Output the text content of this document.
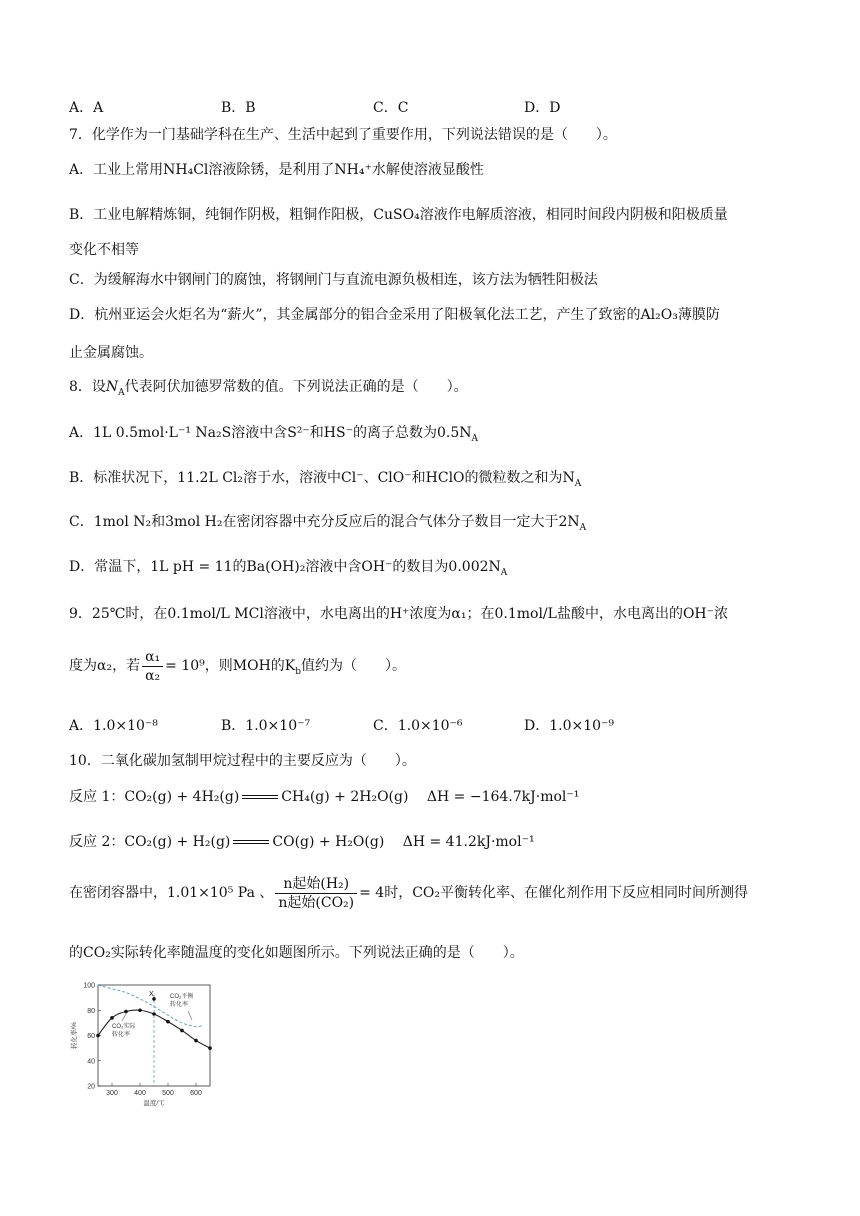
A．A	B．B	C．C	D．D
7．化学作为一门基础学科在生产、生活中起到了重要作用，下列说法错误的是（　　）。
A．工业上常用NH₄Cl溶液除锈，是利用了NH₄⁺水解使溶液显酸性
B．工业电解精炼铜，纯铜作阴极，粗铜作阳极，CuSO₄溶液作电解质溶液，相同时间段内阴极和阳极质量
变化不相等
C．为缓解海水中钢闸门的腐蚀，将钢闸门与直流电源负极相连，该方法为牺牲阳极法
D．杭州亚运会火炬名为“薪火”，其金属部分的铝合金采用了阳极氧化法工艺，产生了致密的Al₂O₃薄膜防
止金属腐蚀。
8．设$N_A$代表阿伏加德罗常数的值。下列说法正确的是（　　）。
A．1L 0.5mol·L⁻¹ Na₂S溶液中含S²⁻和HS⁻的离子总数为$0.5N_A$
B．标准状况下，11.2L Cl₂溶于水，溶液中Cl⁻、ClO⁻和HClO的微粒数之和为$N_A$
C．1mol N₂和3mol H₂在密闭容器中充分反应后的混合气体分子数目一定大于$2N_A$
D．常温下，1L pH = 11的Ba(OH)₂溶液中含OH⁻的数目为$0.002N_A$
9．25℃时，在0.1mol/L MCl溶液中，水电离出的H⁺浓度为α₁；在0.1mol/L盐酸中，水电离出的OH⁻浓
度为α₂，若 $\frac{\text{α₁}}{\text{α₂}} = 10^9$，则MOH的$K_b$值约为（　　）。
A．1.0×10⁻⁸	B．1.0×10⁻⁷	C．1.0×10⁻⁶	D．1.0×10⁻⁹
10．二氧化碳加氢制甲烷过程中的主要反应为（　　）。
反应 1：CO₂(g) + 4H₂(g)	CH₄(g) + 2H₂O(g)　 ΔH = −164.7kJ·mol⁻¹
反应 2：CO₂(g) + H₂(g)	CO(g) + H₂O(g)　 ΔH = 41.2kJ·mol⁻¹
在密闭容器中，1.01×10⁵ Pa 、 $\frac{\text{n起始(H₂)}}{\text{n起始(CO₂)}} = 4$时，CO₂平衡转化率、在催化剂作用下反应相同时间所测得
的CO₂实际转化率随温度的变化如题图所示。下列说法正确的是（　　）。
20
40
60
80
100
300 400 500 600
转化率/%
温度/℃
X	CO₂平衡
转化率
CO₂实际
转化率
